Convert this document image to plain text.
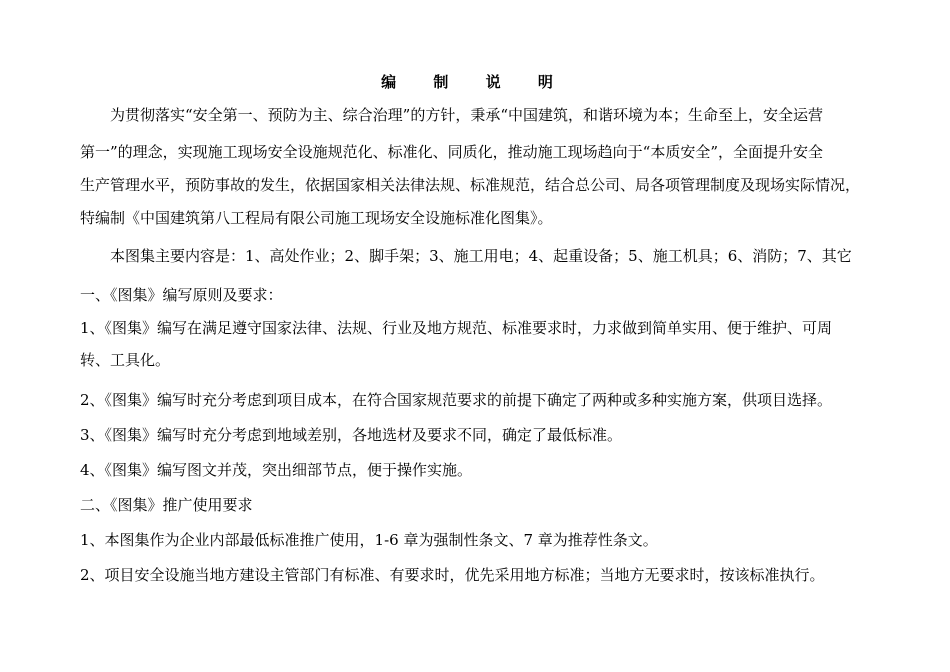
编 制 说 明
为贯彻落实“安全第一、预防为主、综合治理”的方针，秉承“中国建筑，和谐环境为本；生命至上，安全运营
第一”的理念，实现施工现场安全设施规范化、标准化、同质化，推动施工现场趋向于“本质安全”，全面提升安全
生产管理水平，预防事故的发生，依据国家相关法律法规、标准规范，结合总公司、局各项管理制度及现场实际情况，
特编制《中国建筑第八工程局有限公司施工现场安全设施标准化图集》。
本图集主要内容是：1、高处作业；2、脚手架；3、施工用电；4、起重设备；5、施工机具；6、消防；7、其它
一、《图集》编写原则及要求：
1、《图集》编写在满足遵守国家法律、法规、行业及地方规范、标准要求时，力求做到简单实用、便于维护、可周
转、工具化。
2、《图集》编写时充分考虑到项目成本，在符合国家规范要求的前提下确定了两种或多种实施方案，供项目选择。
3、《图集》编写时充分考虑到地域差别，各地选材及要求不同，确定了最低标准。
4、《图集》编写图文并茂，突出细部节点，便于操作实施。
二、《图集》推广使用要求
1、本图集作为企业内部最低标准推广使用，1-6 章为强制性条文、7 章为推荐性条文。
2、项目安全设施当地方建设主管部门有标准、有要求时，优先采用地方标准；当地方无要求时，按该标准执行。
